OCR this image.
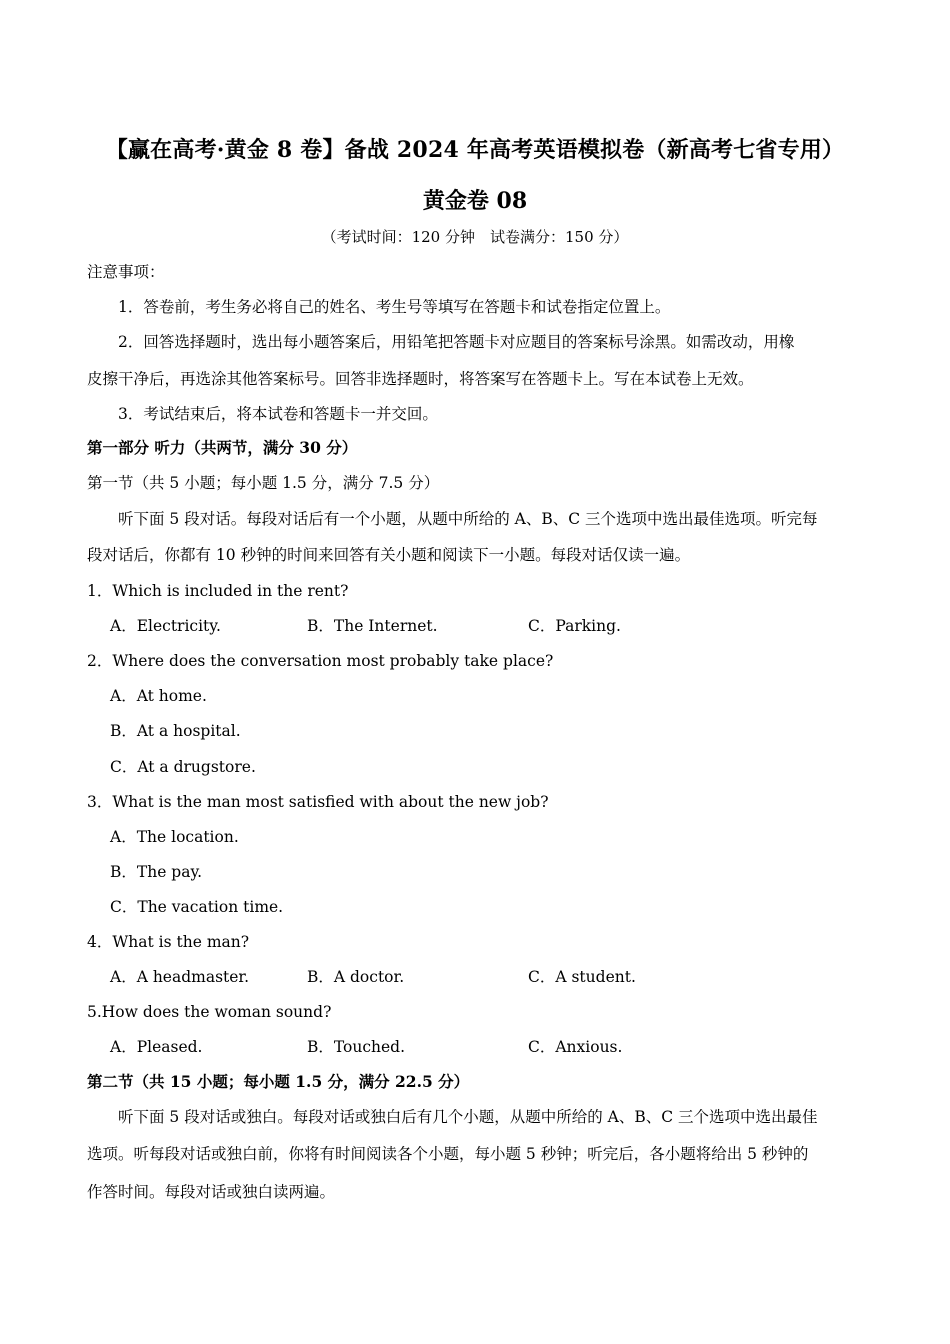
【赢在高考·黄金 8 卷】备战 2024 年高考英语模拟卷（新高考七省专用）
黄金卷 08
（考试时间：120 分钟　试卷满分：150 分）
注意事项：
1．答卷前，考生务必将自己的姓名、考生号等填写在答题卡和试卷指定位置上。
2．回答选择题时，选出每小题答案后，用铅笔把答题卡对应题目的答案标号涂黑。如需改动，用橡
皮擦干净后，再选涂其他答案标号。回答非选择题时，将答案写在答题卡上。写在本试卷上无效。
3．考试结束后，将本试卷和答题卡一并交回。
第一部分 听力（共两节，满分 30 分）
第一节（共 5 小题；每小题 1.5 分，满分 7.5 分）
听下面 5 段对话。每段对话后有一个小题，从题中所给的 A、B、C 三个选项中选出最佳选项。听完每
段对话后，你都有 10 秒钟的时间来回答有关小题和阅读下一小题。每段对话仅读一遍。
1．Which is included in the rent?
A．Electricity.	B．The Internet.	C．Parking.
2．Where does the conversation most probably take place?
A．At home.
B．At a hospital.
C．At a drugstore.
3．What is the man most satisfied with about the new job?
A．The location.
B．The pay.
C．The vacation time.
4．What is the man?
A．A headmaster.	B．A doctor.	C．A student.
5.How does the woman sound?
A．Pleased.	B．Touched.	C．Anxious.
第二节（共 15 小题；每小题 1.5 分，满分 22.5 分）
听下面 5 段对话或独白。每段对话或独白后有几个小题，从题中所给的 A、B、C 三个选项中选出最佳
选项。听每段对话或独白前，你将有时间阅读各个小题，每小题 5 秒钟；听完后，各小题将给出 5 秒钟的
作答时间。每段对话或独白读两遍。
